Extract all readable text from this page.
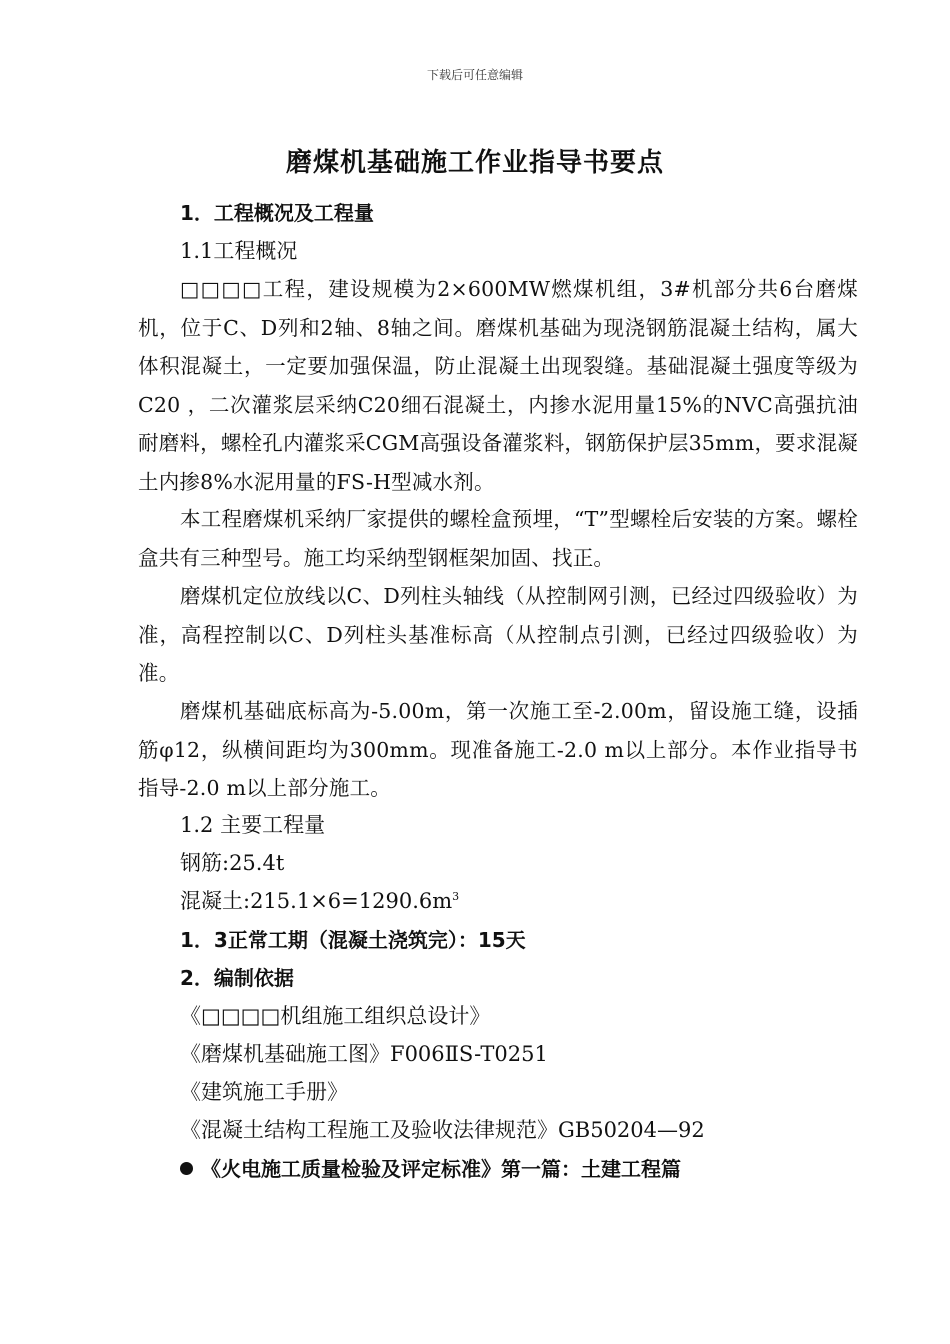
下载后可任意编辑
磨煤机基础施工作业指导书要点
1．工程概况及工程量
1.1工程概况
□□□□工程，建设规模为2×600MW燃煤机组，3#机部分共6台磨煤机，位于C、D列和2轴、8轴之间。磨煤机基础为现浇钢筋混凝土结构，属大体积混凝土，一定要加强保温，防止混凝土出现裂缝。基础混凝土强度等级为C20 ，二次灌浆层采纳C20细石混凝土，内掺水泥用量15%的NVC高强抗油耐磨料，螺栓孔内灌浆采CGM高强设备灌浆料，钢筋保护层35mm，要求混凝土内掺8%水泥用量的FS-H型减水剂。
本工程磨煤机采纳厂家提供的螺栓盒预埋，“T”型螺栓后安装的方案。螺栓盒共有三种型号。施工均采纳型钢框架加固、找正。
磨煤机定位放线以C、D列柱头轴线（从控制网引测，已经过四级验收）为准，高程控制以C、D列柱头基准标高（从控制点引测，已经过四级验收）为准。
磨煤机基础底标高为-5.00m，第一次施工至-2.00m，留设施工缝，设插筋φ12，纵横间距均为300mm。现准备施工-2.0 m以上部分。本作业指导书指导-2.0 m以上部分施工。
1.2 主要工程量
钢筋:25.4t
混凝土$:215.1\times 6=1290.6m^3$
1．3正常工期（混凝土浇筑完）：15天
2．编制依据
《□□□□机组施工组织总设计》
《磨煤机基础施工图》F006ⅡS-T0251
《建筑施工手册》
《混凝土结构工程施工及验收法律规范》GB50204—92
《火电施工质量检验及评定标准》第一篇：土建工程篇
